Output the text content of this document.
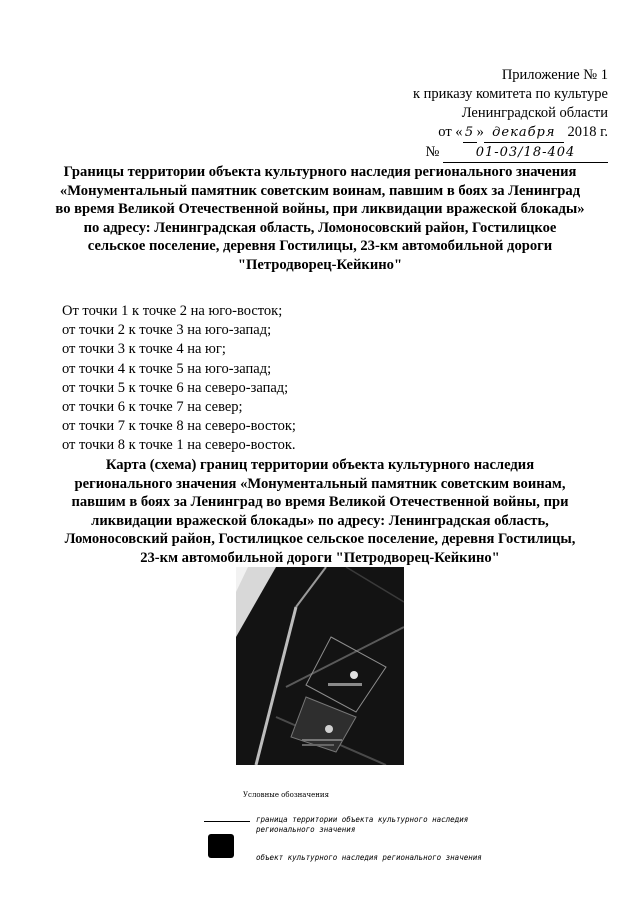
Приложение № 1
к приказу комитета по культуре
Ленинградской области
от « 5 » декабря 2018 г.
№	01-03/18-404
Границы территории объекта культурного наследия регионального значения
«Монументальный памятник советским воинам, павшим в боях за Ленинград
во время Великой Отечественной войны, при ликвидации вражеской блокады»
по адресу: Ленинградская область, Ломоносовский район, Гостилицкое
сельское поселение, деревня Гостилицы, 23-км автомобильной дороги
"Петродворец-Кейкино"
От точки 1 к точке 2 на юго-восток;
от точки 2 к точке 3 на юго-запад;
от точки 3 к точке 4 на юг;
от точки 4 к точке 5 на юго-запад;
от точки 5 к точке 6 на северо-запад;
от точки 6 к точке 7 на север;
от точки 7 к точке 8 на северо-восток;
от точки 8 к точке 1 на северо-восток.
Карта (схема) границ территории объекта культурного наследия
регионального значения «Монументальный памятник советским воинам,
павшим в боях за Ленинград во время Великой Отечественной войны, при
ликвидации вражеской блокады» по адресу: Ленинградская область,
Ломоносовский район, Гостилицкое сельское поселение, деревня Гостилицы,
23-км автомобильной дороги "Петродворец-Кейкино"
Условные обозначения
граница территории объекта культурного наследия
регионального значения
объект культурного наследия регионального значения
